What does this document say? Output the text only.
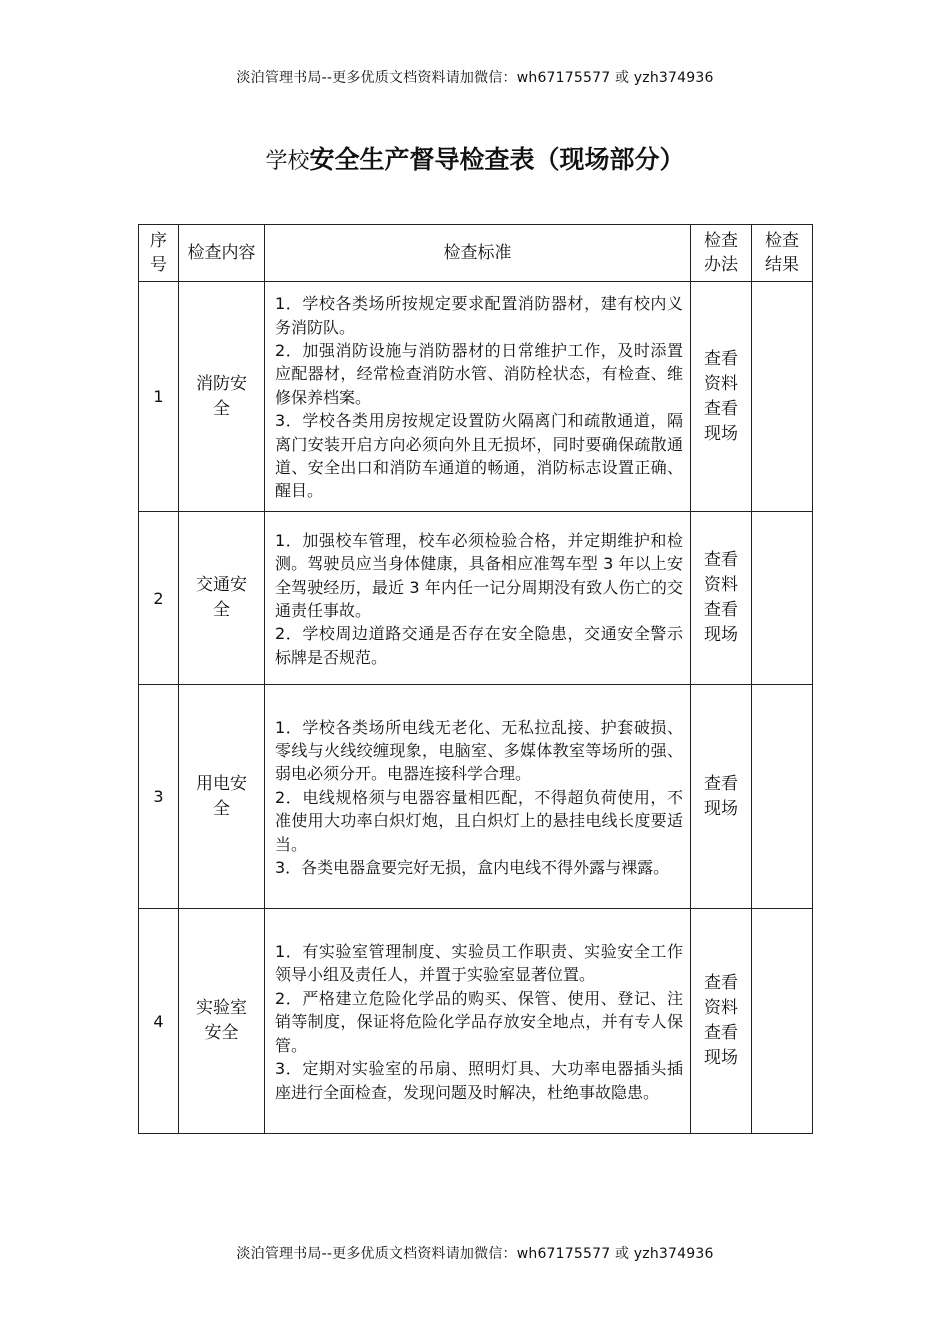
淡泊管理书局--更多优质文档资料请加微信：wh67175577 或 yzh374936
学校安全生产督导检查表（现场部分）
序号	检查内容	检查标准	检查办法	检查结果

1	消防安全	1．学校各类场所按规定要求配置消防器材，建有校内义务消防队。

2．加强消防设施与消防器材的日常维护工作，及时添置应配器材，经常检查消防水管、消防栓状态，有检查、维修保养档案。

3．学校各类用房按规定设置防火隔离门和疏散通道，隔离门安装开启方向必须向外且无损坏，同时要确保疏散通道、安全出口和消防车通道的畅通，消防标志设置正确、醒目。	查看资料查看现场	

2	交通安全	1．加强校车管理，校车必须检验合格，并定期维护和检测。驾驶员应当身体健康，具备相应准驾车型 3 年以上安全驾驶经历，最近 3 年内任一记分周期没有致人伤亡的交通责任事故。

2．学校周边道路交通是否存在安全隐患，交通安全警示标牌是否规范。	查看资料查看现场	

3	用电安全	1．学校各类场所电线无老化、无私拉乱接、护套破损、零线与火线绞缠现象，电脑室、多媒体教室等场所的强、弱电必须分开。电器连接科学合理。

2．电线规格须与电器容量相匹配，不得超负荷使用，不准使用大功率白炽灯炮，且白炽灯上的悬挂电线长度要适当。

3．各类电器盒要完好无损，盒内电线不得外露与裸露。	查看现场	

4	实验室安全	1．有实验室管理制度、实验员工作职责、实验安全工作领导小组及责任人，并置于实验室显著位置。

2．严格建立危险化学品的购买、保管、使用、登记、注销等制度，保证将危险化学品存放安全地点，并有专人保管。

3．定期对实验室的吊扇、照明灯具、大功率电器插头插座进行全面检查，发现问题及时解决，杜绝事故隐患。	查看资料查看现场	

淡泊管理书局--更多优质文档资料请加微信：wh67175577 或 yzh374936
